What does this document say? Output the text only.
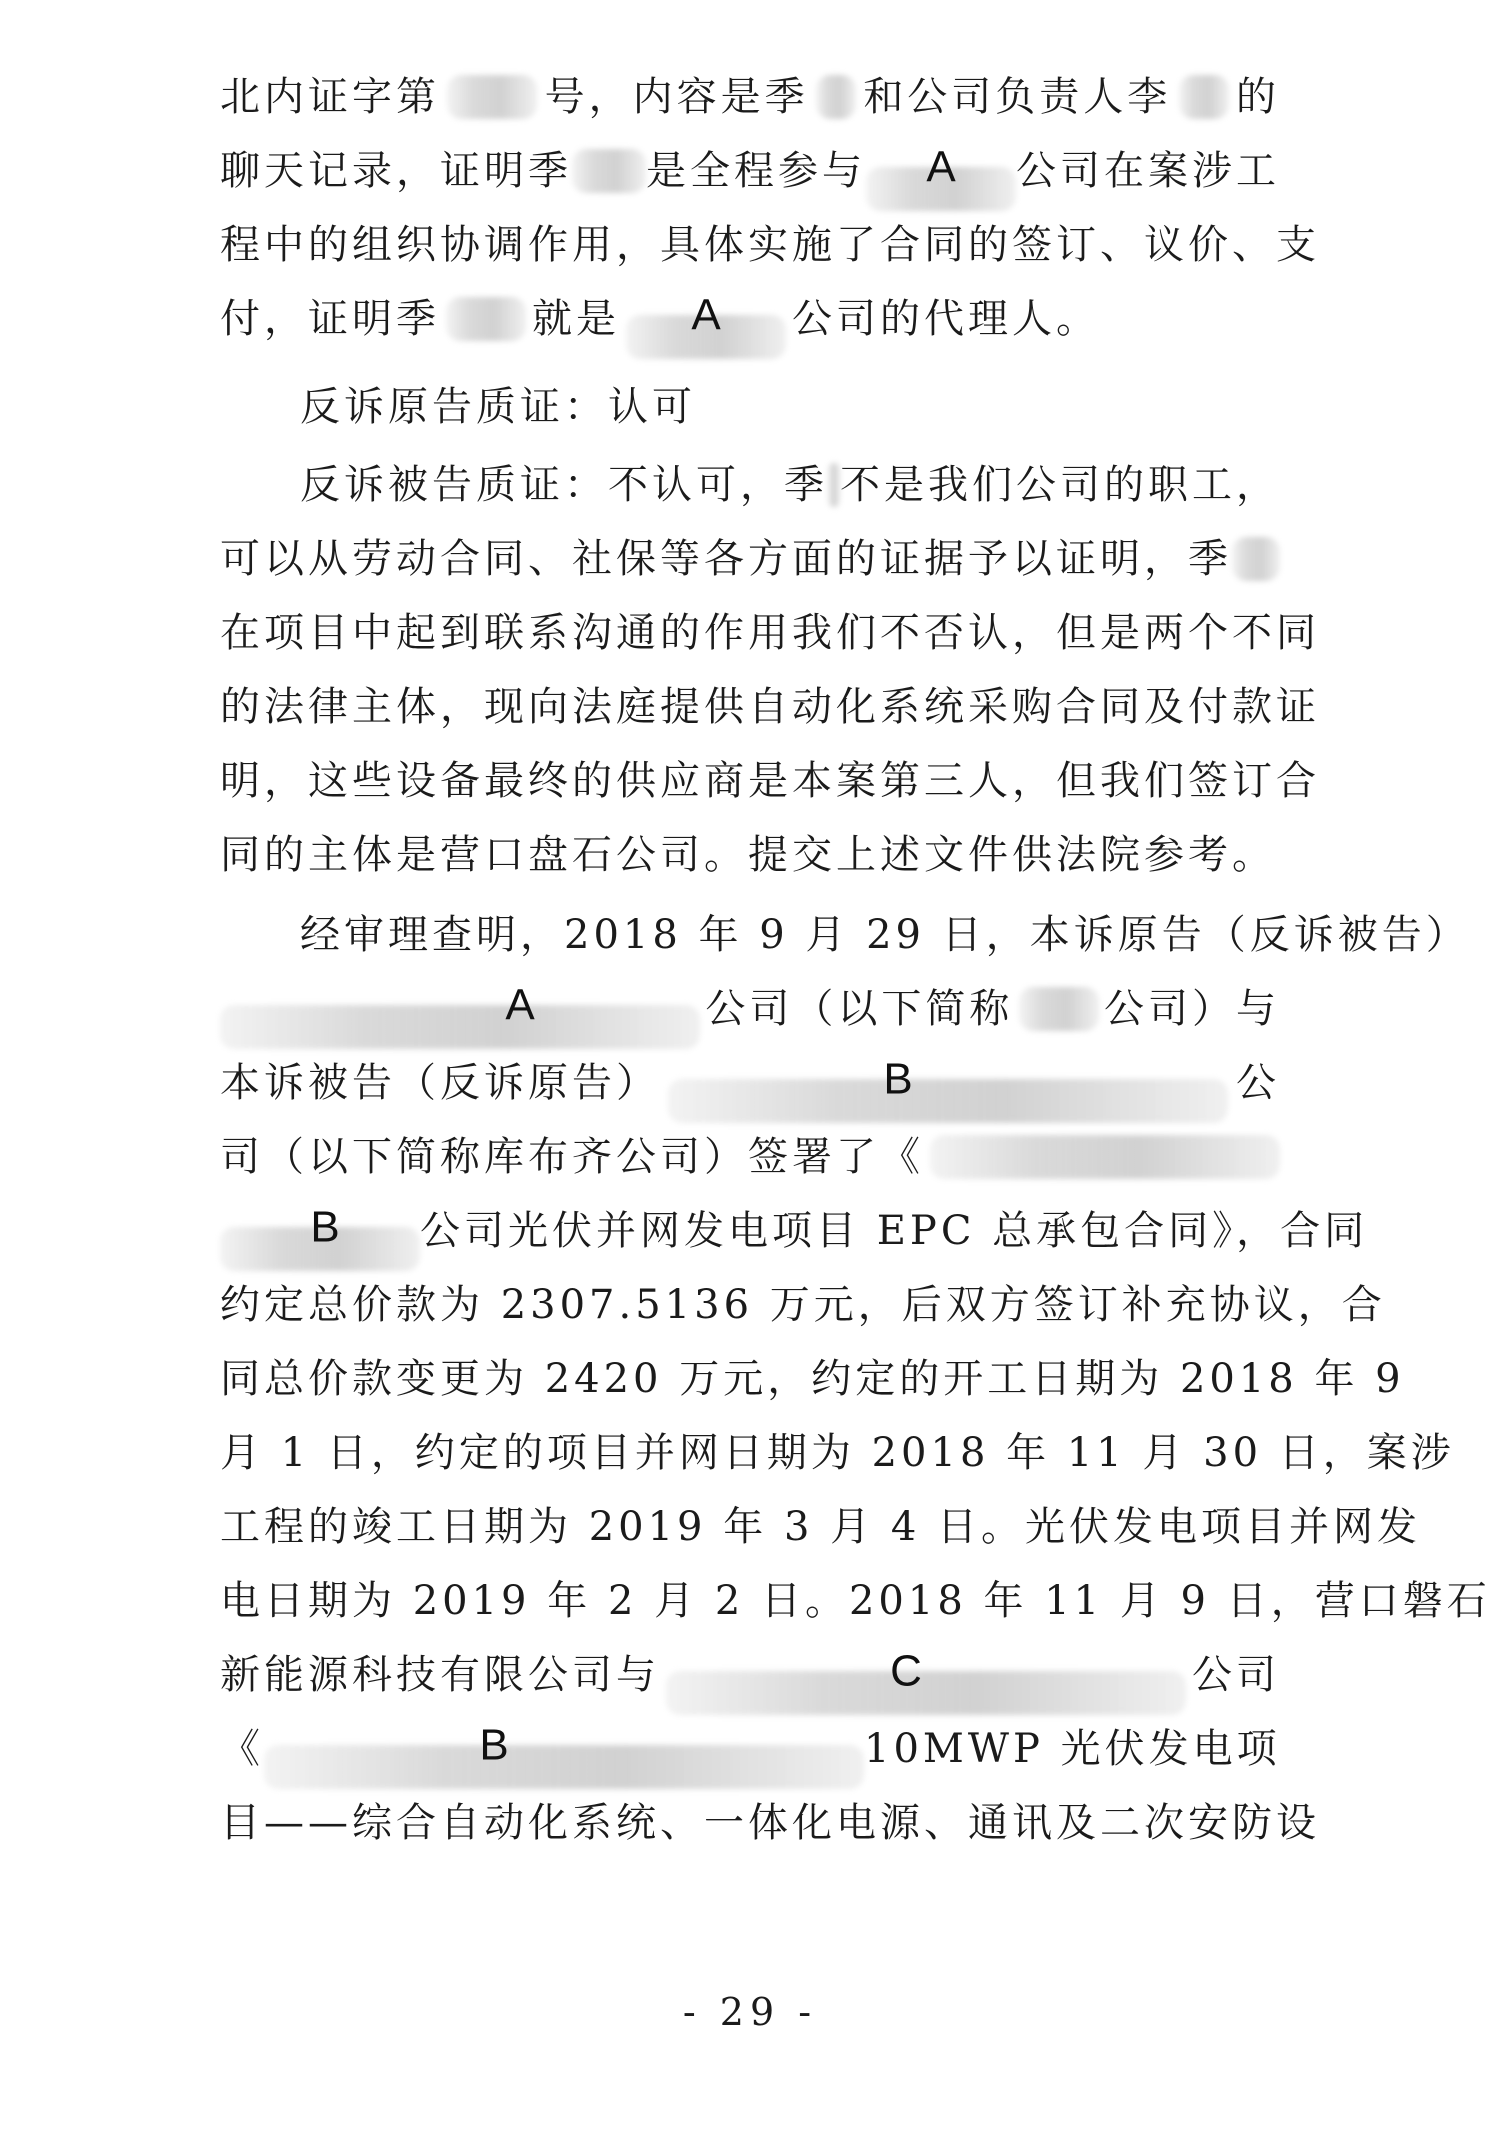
北内证字第	号，内容是季 和公司负责人李 的
聊天记录，证明季 是全程参与 A 公司在案涉工
程中的组织协调作用，具体实施了合同的签订、议价、支
付，证明季 就是 A 公司的代理人。
反诉原告质证：认可
反诉被告质证：不认可，季 不是我们公司的职工，
可以从劳动合同、社保等各方面的证据予以证明，季
在项目中起到联系沟通的作用我们不否认，但是两个不同
的法律主体，现向法庭提供自动化系统采购合同及付款证
明，这些设备最终的供应商是本案第三人，但我们签订合
同的主体是营口盘石公司。提交上述文件供法院参考。
经审理查明，2018 年 9 月 29 日，本诉原告（反诉被告）
A	公司（以下简称 公司）与
本诉被告（反诉原告）	B	公
司（以下简称库布齐公司）签署了《
B 公司光伏并网发电项目 EPC 总承包合同》，合同
约定总价款为 2307.5136 万元，后双方签订补充协议，合
同总价款变更为 2420 万元，约定的开工日期为 2018 年 9
月 1 日，约定的项目并网日期为 2018 年 11 月 30 日，案涉
工程的竣工日期为 2019 年 3 月 4 日。光伏发电项目并网发
电日期为 2019 年 2 月 2 日。2018 年 11 月 9 日，营口磐石
新能源科技有限公司与	C	公司
《	B	10MWP 光伏发电项
目——综合自动化系统、一体化电源、通讯及二次安防设
- 29 -
